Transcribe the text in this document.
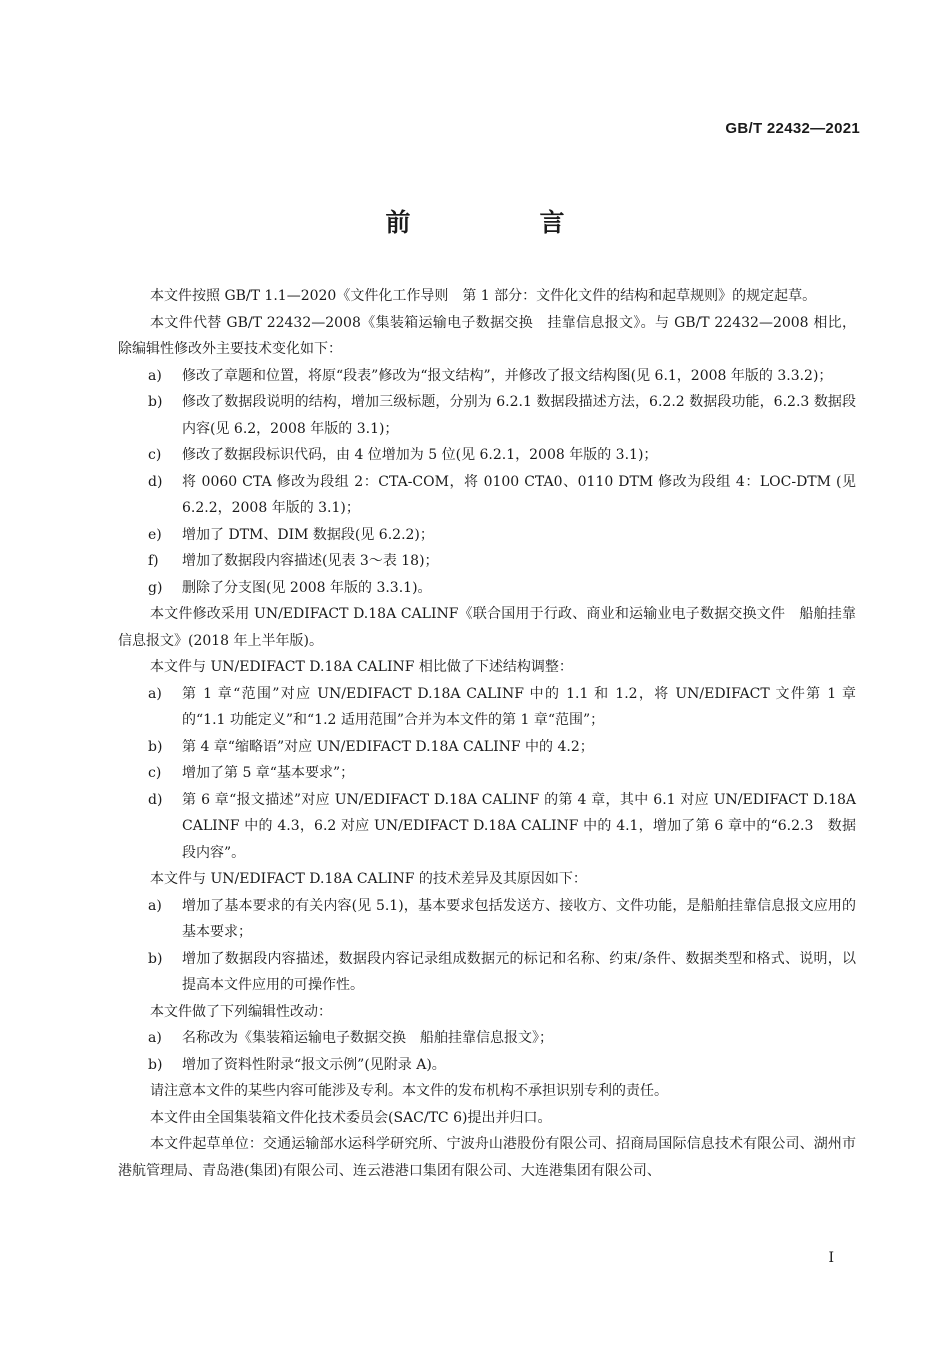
GB/T 22432—2021
前　言

本文件按照 GB/T 1.1—2020《文件化工作导则　第 1 部分：文件化文件的结构和起草规则》的规定起草。

本文件代替 GB/T 22432—2008《集装箱运输电子数据交换　挂靠信息报文》。与 GB/T 22432—2008 相比，除编辑性修改外主要技术变化如下：

a)	修改了章题和位置，将原“段表”修改为“报文结构”，并修改了报文结构图(见 6.1，2008 年版的 3.3.2)；
b)	修改了数据段说明的结构，增加三级标题，分别为 6.2.1 数据段描述方法，6.2.2 数据段功能，6.2.3 数据段内容(见 6.2，2008 年版的 3.1)；
c)	修改了数据段标识代码，由 4 位增加为 5 位(见 6.2.1，2008 年版的 3.1)；
d)	将 0060 CTA 修改为段组 2：CTA-COM，将 0100 CTA0、0110 DTM 修改为段组 4：LOC-DTM (见 6.2.2，2008 年版的 3.1)；
e)	增加了 DTM、DIM 数据段(见 6.2.2)；
f)	增加了数据段内容描述(见表 3～表 18)；
g)	删除了分支图(见 2008 年版的 3.3.1)。

本文件修改采用 UN/EDIFACT D.18A CALINF《联合国用于行政、商业和运输业电子数据交换文件　船舶挂靠信息报文》(2018 年上半年版)。

本文件与 UN/EDIFACT D.18A CALINF 相比做了下述结构调整：

a)	第 1 章“范围”对应 UN/EDIFACT D.18A CALINF 中的 1.1 和 1.2，将 UN/EDIFACT 文件第 1 章的“1.1 功能定义”和“1.2 适用范围”合并为本文件的第 1 章“范围”；
b)	第 4 章“缩略语”对应 UN/EDIFACT D.18A CALINF 中的 4.2；
c)	增加了第 5 章“基本要求”；
d)	第 6 章“报文描述”对应 UN/EDIFACT D.18A CALINF 的第 4 章，其中 6.1 对应 UN/EDIFACT D.18A CALINF 中的 4.3，6.2 对应 UN/EDIFACT D.18A CALINF 中的 4.1，增加了第 6 章中的“6.2.3　数据段内容”。

本文件与 UN/EDIFACT D.18A CALINF 的技术差异及其原因如下：

a)	增加了基本要求的有关内容(见 5.1)，基本要求包括发送方、接收方、文件功能，是船舶挂靠信息报文应用的基本要求；
b)	增加了数据段内容描述，数据段内容记录组成数据元的标记和名称、约束/条件、数据类型和格式、说明，以提高本文件应用的可操作性。

本文件做了下列编辑性改动：

a)	名称改为《集装箱运输电子数据交换　船舶挂靠信息报文》；
b)	增加了资料性附录“报文示例”(见附录 A)。

请注意本文件的某些内容可能涉及专利。本文件的发布机构不承担识别专利的责任。

本文件由全国集装箱文件化技术委员会(SAC/TC 6)提出并归口。

本文件起草单位：交通运输部水运科学研究所、宁波舟山港股份有限公司、招商局国际信息技术有限公司、湖州市港航管理局、青岛港(集团)有限公司、连云港港口集团有限公司、大连港集团有限公司、

I
